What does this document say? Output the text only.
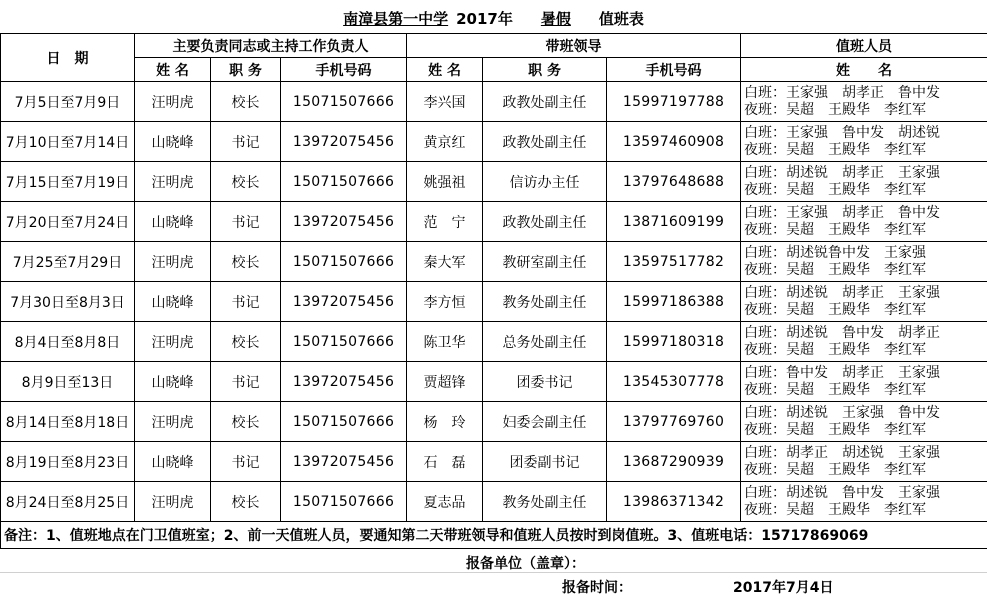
南漳县第一中学 2017年	暑假	值班表
日　期	主要负责同志或主持工作负责人			带班领导			值班人员
	姓 名	职 务	手机号码	姓 名	职 务	手机号码	姓　　名
7月5日至7月9日	汪明虎	校长	15071507666	李兴国	政教处副主任	15997197788	白班：王家强　胡孝正　鲁中发
夜班：吴超　王殿华　李红军

7月10日至7月14日	山晓峰	书记	13972075456	黄京红	政教处副主任	13597460908	白班：王家强　鲁中发　胡述锐
夜班：吴超　王殿华　李红军

7月15日至7月19日	汪明虎	校长	15071507666	姚强祖	信访办主任	13797648688	白班：胡述锐　胡孝正　王家强
夜班：吴超　王殿华　李红军

7月20日至7月24日	山晓峰	书记	13972075456	范　宁	政教处副主任	13871609199	白班：王家强　胡孝正　鲁中发
夜班：吴超　王殿华　李红军

7月25至7月29日	汪明虎	校长	15071507666	秦大军	教研室副主任	13597517782	白班：胡述锐鲁中发　王家强
夜班：吴超　王殿华　李红军

7月30日至8月3日	山晓峰	书记	13972075456	李方恒	教务处副主任	15997186388	白班：胡述锐　胡孝正　王家强
夜班：吴超　王殿华　李红军

8月4日至8月8日	汪明虎	校长	15071507666	陈卫华	总务处副主任	15997180318	白班：胡述锐　鲁中发　胡孝正
夜班：吴超　王殿华　李红军

8月9日至13日	山晓峰	书记	13972075456	贾超锋	团委书记	13545307778	白班：鲁中发　胡孝正　王家强
夜班：吴超　王殿华　李红军

8月14日至8月18日	汪明虎	校长	15071507666	杨　玲	妇委会副主任	13797769760	白班：胡述锐　王家强　鲁中发
夜班：吴超　王殿华　李红军

8月19日至8月23日	山晓峰	书记	13972075456	石　磊	团委副书记	13687290939	白班：胡孝正　胡述锐　王家强
夜班：吴超　王殿华　李红军

8月24日至8月25日	汪明虎	校长	15071507666	夏志品	教务处副主任	13986371342	白班：胡述锐　鲁中发　王家强
夜班：吴超　王殿华　李红军

备注：1、值班地点在门卫值班室；2、前一天值班人员，要通知第二天带班领导和值班人员按时到岗值班。3、值班电话：15717869069							
报备单位（盖章）：
报备时间：	2017年7月4日
